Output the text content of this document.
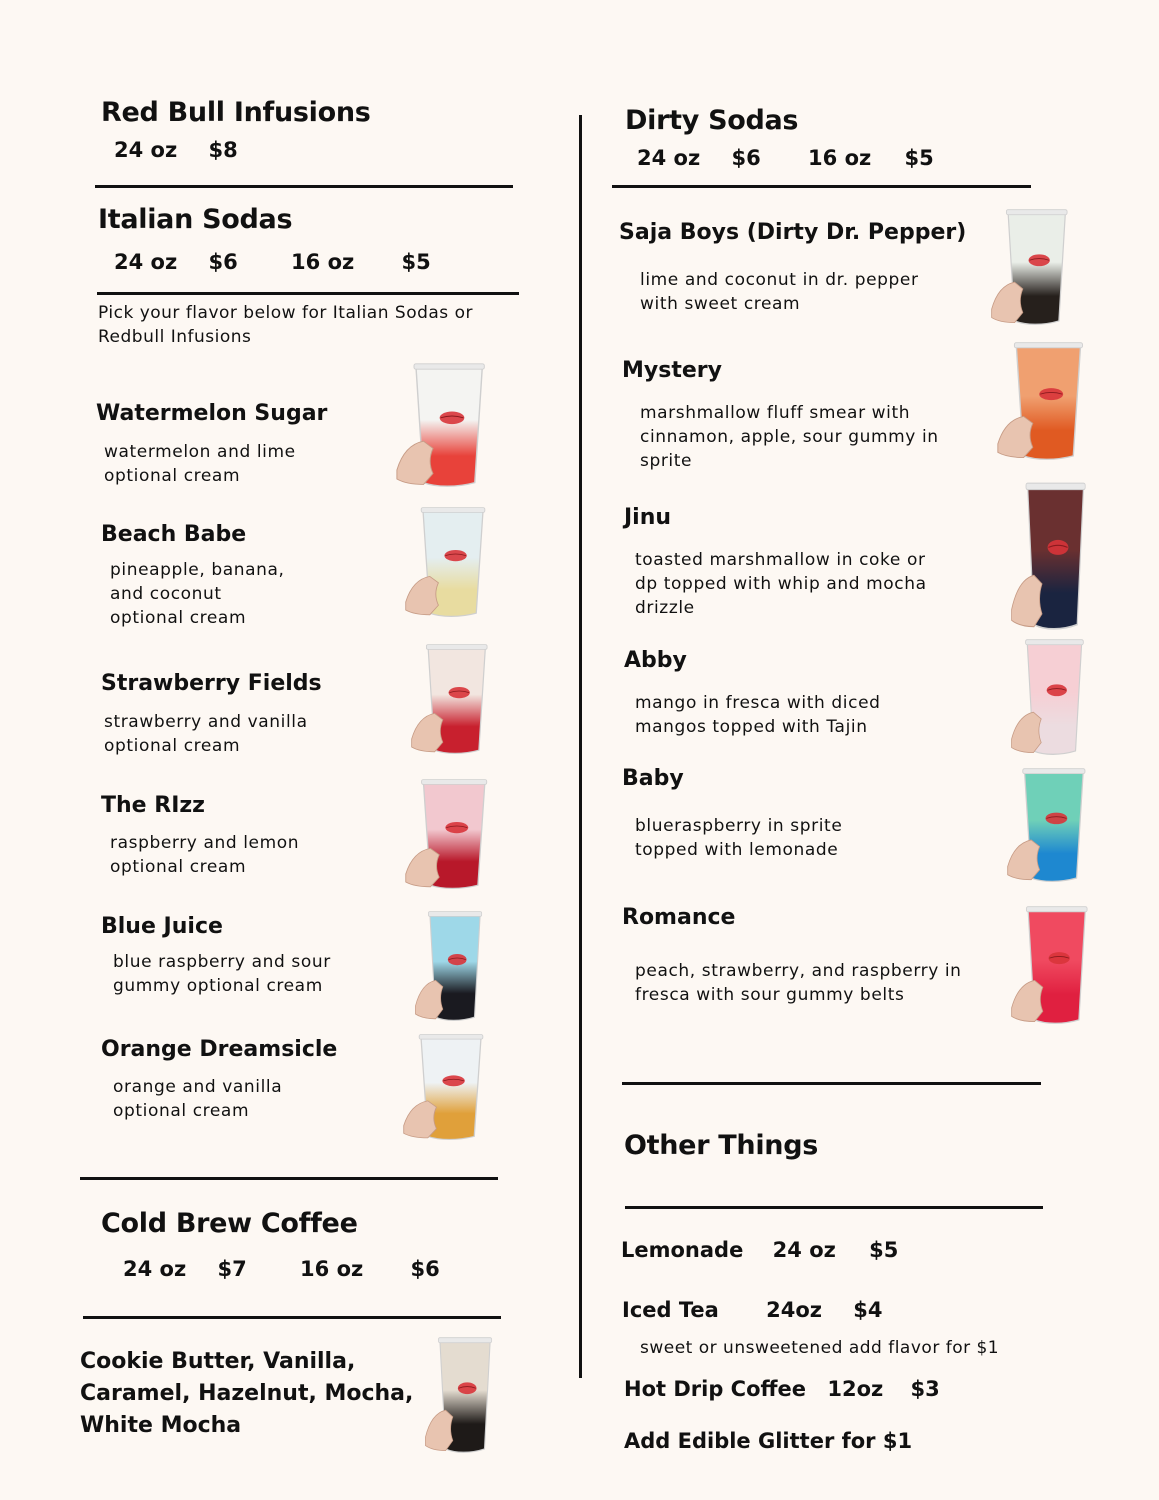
Red Bull Infusions
24 oz $8
Italian Sodas
24 oz $6	16 oz $5
Pick your flavor below for Italian Sodas or Redbull Infusions
Watermelon Sugar
watermelon and lime optional cream
Beach Babe
pineapple, banana,
and coconut
optional cream
Strawberry Fields
strawberry and vanilla optional cream
The RIzz
raspberry and lemon optional cream
Blue Juice
blue raspberry and sour gummy optional cream
Orange Dreamsicle
orange and vanilla optional cream
Cold Brew Coffee
24 oz $7	16 oz $6
Cookie Butter, Vanilla, Caramel, Hazelnut, Mocha, White Mocha
Dirty Sodas
24 oz $6 16 oz $5
Saja Boys (Dirty Dr. Pepper)
lime and coconut in dr. pepper with sweet cream
Mystery
marshmallow fluff smear with cinnamon, apple, sour gummy in sprite
Jinu
toasted marshmallow in coke or dp topped with whip and mocha drizzle
Abby
mango in fresca with diced mangos topped with Tajin
Baby
blueraspberry in sprite topped with lemonade
Romance
peach, strawberry, and raspberry in fresca with sour gummy belts
Other Things
Lemonade 24 oz $5
Iced Tea 24oz $4
sweet or unsweetened add flavor for $1
Hot Drip Coffee 12oz $3
Add Edible Glitter for $1
